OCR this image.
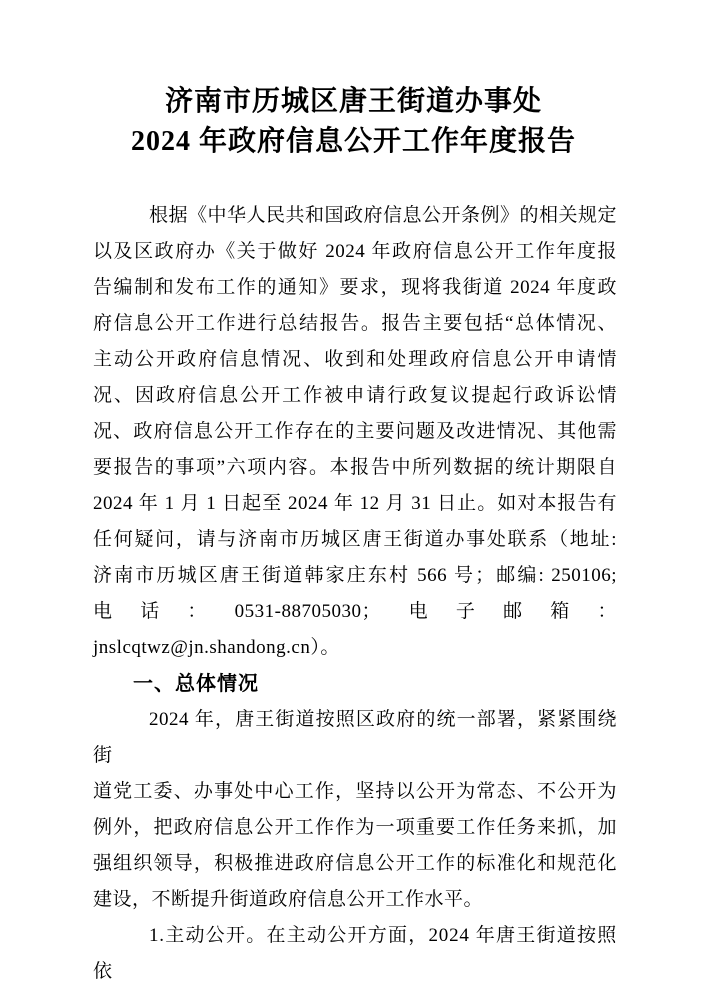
济南市历城区唐王街道办事处
2024 年政府信息公开工作年度报告
根据《中华人民共和国政府信息公开条例》的相关规定
以及区政府办《关于做好 2024 年政府信息公开工作年度报
告编制和发布工作的通知》要求，现将我街道 2024 年度政
府信息公开工作进行总结报告。报告主要包括“总体情况、
主动公开政府信息情况、收到和处理政府信息公开申请情
况、因政府信息公开工作被申请行政复议提起行政诉讼情
况、政府信息公开工作存在的主要问题及改进情况、其他需
要报告的事项”六项内容。本报告中所列数据的统计期限自
2024 年 1 月 1 日起至 2024 年 12 月 31 日止。如对本报告有
任何疑问，请与济南市历城区唐王街道办事处联系（地址:
济南市历城区唐王街道韩家庄东村 566 号；邮编: 250106;
电话：0531-88705030；电子邮箱：
jnslcqtwz@jn.shandong.cn）。
一、总体情况
2024 年，唐王街道按照区政府的统一部署，紧紧围绕街
道党工委、办事处中心工作，坚持以公开为常态、不公开为
例外，把政府信息公开工作作为一项重要工作任务来抓，加
强组织领导，积极推进政府信息公开工作的标准化和规范化
建设，不断提升街道政府信息公开工作水平。
1.主动公开。在主动公开方面，2024 年唐王街道按照依
